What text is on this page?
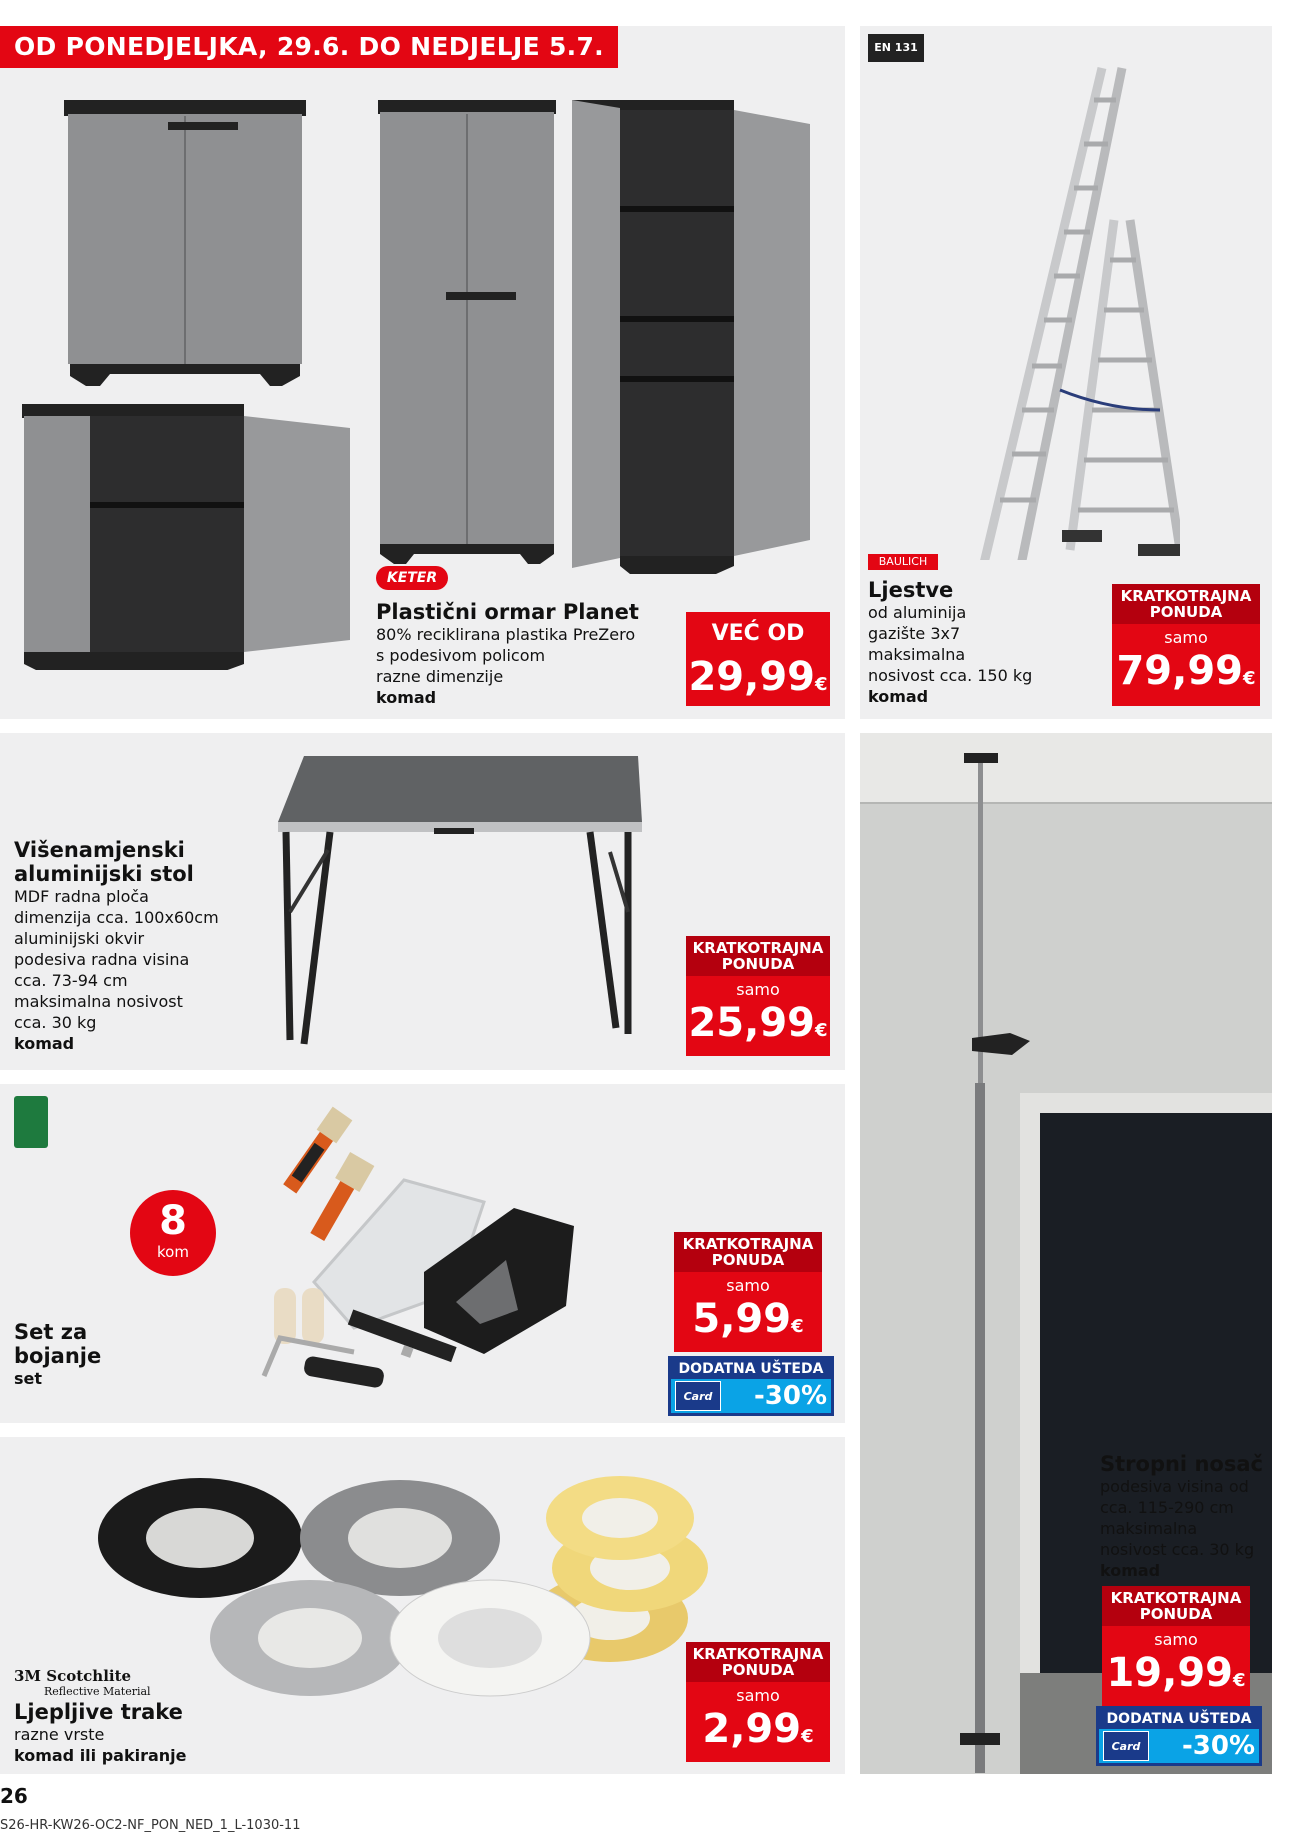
OD PONEDJELJKA, 29.6. DO NEDJELJE 5.7.
KETER
Plastični ormar Planet
80% reciklirana plastika PreZero
s podesivom policom
razne dimenzije
komad
VEĆ OD
29,99€
EN 131
BAULICH
Ljestve
od aluminija
gazište 3x7
maksimalna
nosivost cca. 150 kg
komad
KRATKOTRAJNA PONUDA
samo
79,99€
Višenamjenski
aluminijski stol
MDF radna ploča
dimenzija cca. 100x60cm
aluminijski okvir
podesiva radna visina
cca. 73-94 cm
maksimalna nosivost
cca. 30 kg
komad
KRATKOTRAJNA PONUDA
samo
25,99€
8
kom
Set za
bojanje
set
KRATKOTRAJNA PONUDA
samo
5,99€
DODATNA UŠTEDA
Card	-30%
3M Scotchlite
Reflective Material
Ljepljive trake
razne vrste
komad ili pakiranje
KRATKOTRAJNA PONUDA
samo
2,99€
Stropni nosač
podesiva visina od
cca. 115-290 cm
maksimalna
nosivost cca. 30 kg
komad
KRATKOTRAJNA PONUDA
samo
19,99€
DODATNA UŠTEDA
Card	-30%
26
S26-HR-KW26-OC2-NF_PON_NED_1_L-1030-11
